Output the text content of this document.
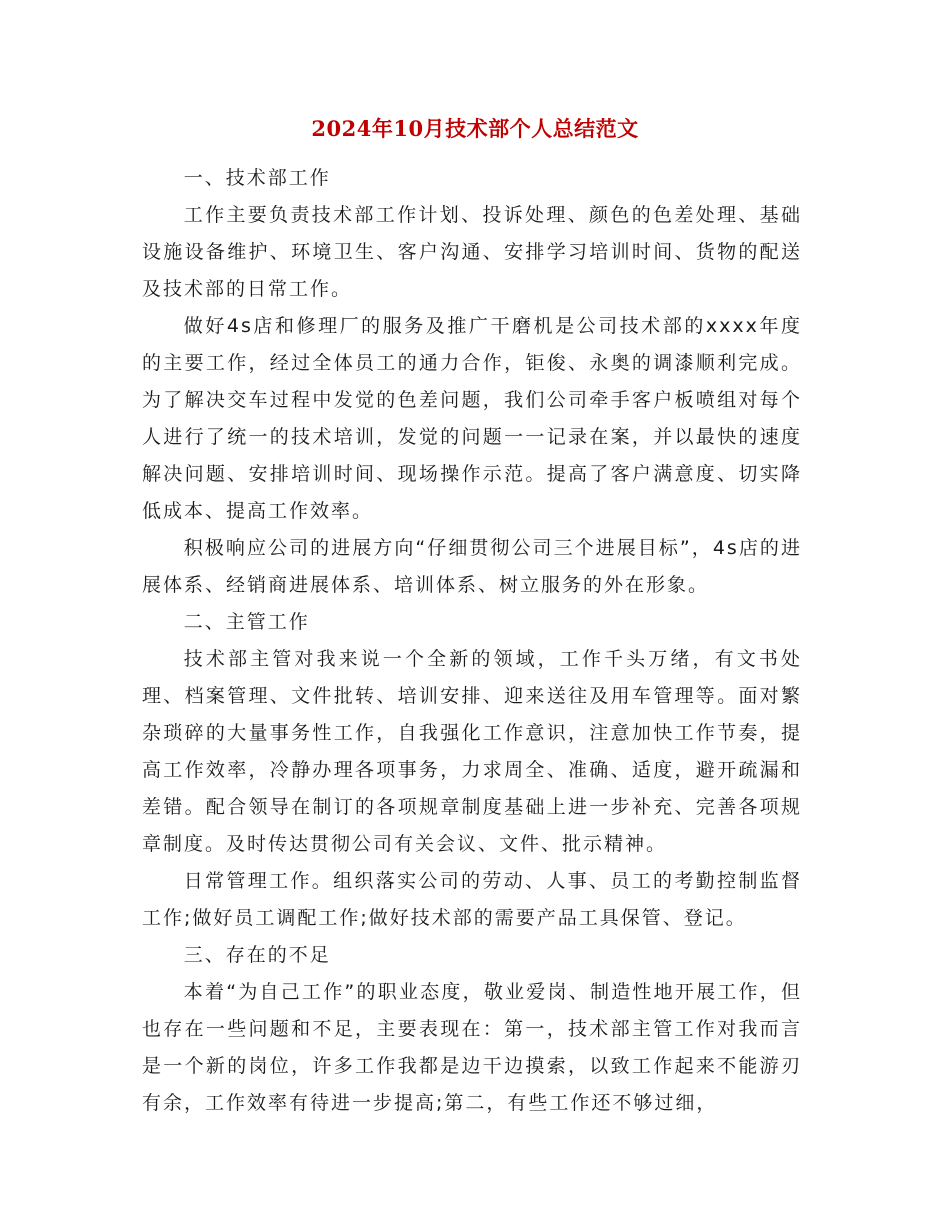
2024年10月技术部个人总结范文

一、技术部工作

工作主要负责技术部工作计划、投诉处理、颜色的色差处理、基础设施设备维护、环境卫生、客户沟通、安排学习培训时间、货物的配送及技术部的日常工作。

做好4s店和修理厂的服务及推广干磨机是公司技术部的xxxx年度的主要工作，经过全体员工的通力合作，钜俊、永奥的调漆顺利完成。为了解决交车过程中发觉的色差问题，我们公司牵手客户板喷组对每个人进行了统一的技术培训，发觉的问题一一记录在案，并以最快的速度解决问题、安排培训时间、现场操作示范。提高了客户满意度、切实降低成本、提高工作效率。

积极响应公司的进展方向“仔细贯彻公司三个进展目标”，4s店的进展体系、经销商进展体系、培训体系、树立服务的外在形象。

二、主管工作

技术部主管对我来说一个全新的领域，工作千头万绪，有文书处理、档案管理、文件批转、培训安排、迎来送往及用车管理等。面对繁杂琐碎的大量事务性工作，自我强化工作意识，注意加快工作节奏，提高工作效率，冷静办理各项事务，力求周全、准确、适度，避开疏漏和差错。配合领导在制订的各项规章制度基础上进一步补充、完善各项规章制度。及时传达贯彻公司有关会议、文件、批示精神。

日常管理工作。组织落实公司的劳动、人事、员工的考勤控制监督工作;做好员工调配工作;做好技术部的需要产品工具保管、登记。

三、存在的不足

本着“为自己工作”的职业态度，敬业爱岗、制造性地开展工作，但也存在一些问题和不足，主要表现在：第一，技术部主管工作对我而言是一个新的岗位，许多工作我都是边干边摸索，以致工作起来不能游刃有余，工作效率有待进一步提高;第二，有些工作还不够过细，
